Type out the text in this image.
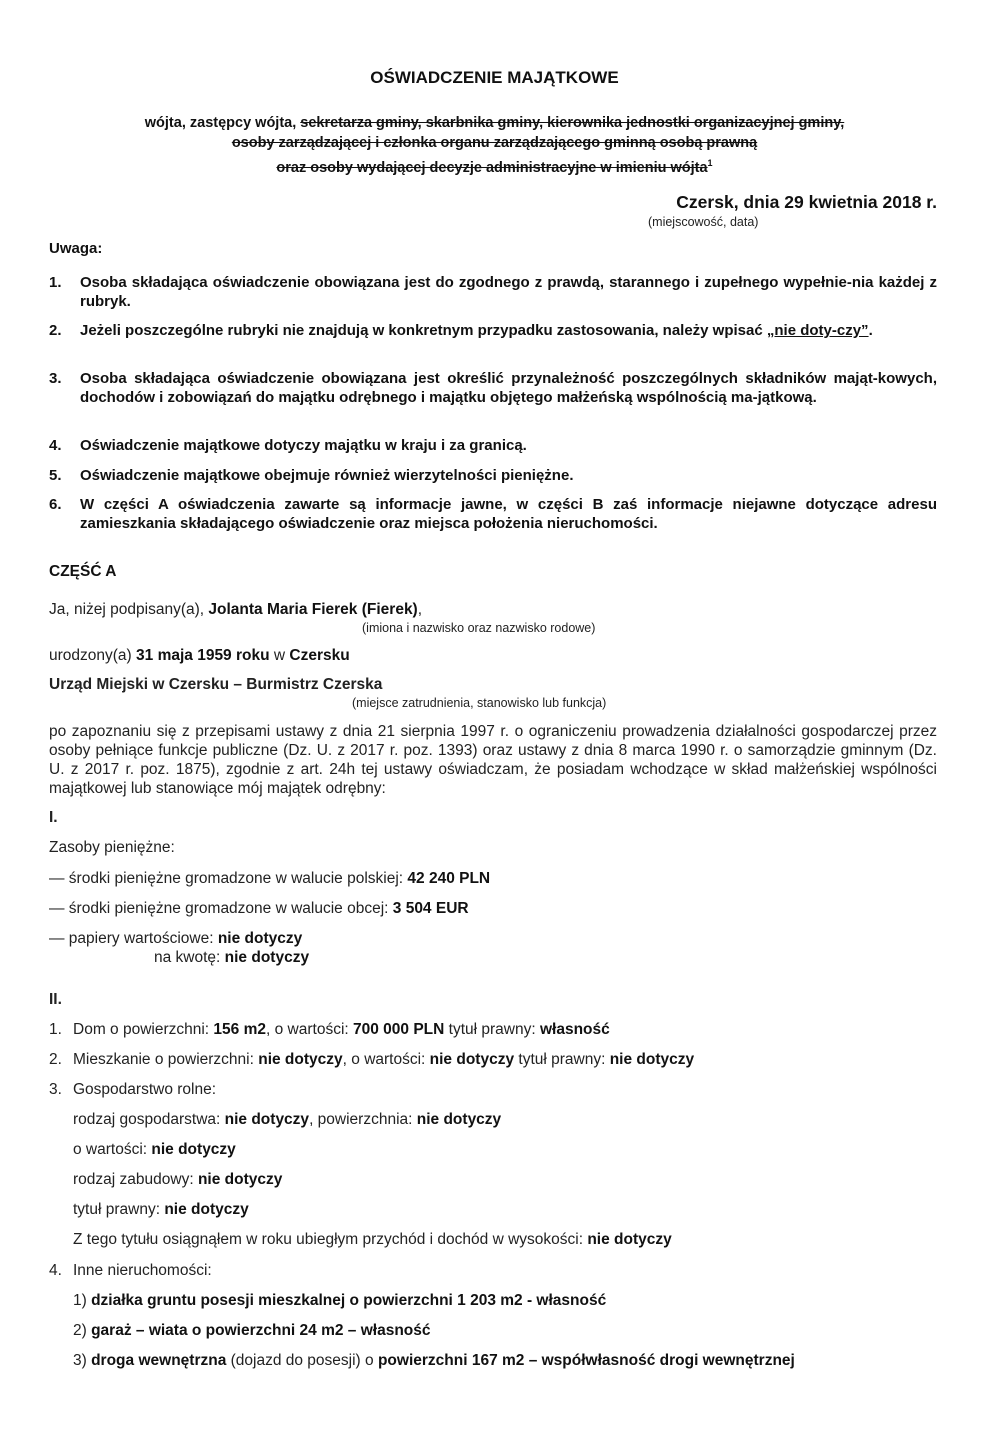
OŚWIADCZENIE MAJĄTKOWE
wójta, zastępcy wójta, sekretarza gminy, skarbnika gminy, kierownika jednostki organizacyjnej gminy,
osoby zarządzającej i członka organu zarządzającego gminną osobą prawną
oraz osoby wydającej decyzje administracyjne w imieniu wójta$^1$
Czersk, dnia 29 kwietnia 2018 r.
(miejscowość, data)
Uwaga:
1. Osoba składająca oświadczenie obowiązana jest do zgodnego z prawdą, starannego i zupełnego wypełnie-nia każdej z rubryk.
2. Jeżeli poszczególne rubryki nie znajdują w konkretnym przypadku zastosowania, należy wpisać „nie doty-czy”.
3. Osoba składająca oświadczenie obowiązana jest określić przynależność poszczególnych składników mająt-kowych, dochodów i zobowiązań do majątku odrębnego i majątku objętego małżeńską wspólnością ma-jątkową.
4. Oświadczenie majątkowe dotyczy majątku w kraju i za granicą.
5. Oświadczenie majątkowe obejmuje również wierzytelności pieniężne.
6. W części A oświadczenia zawarte są informacje jawne, w części B zaś informacje niejawne dotyczące adresu zamieszkania składającego oświadczenie oraz miejsca położenia nieruchomości.
CZĘŚĆ A
Ja, niżej podpisany(a), Jolanta Maria Fierek (Fierek),
(imiona i nazwisko oraz nazwisko rodowe)
urodzony(a) 31 maja 1959 roku w Czersku
Urząd Miejski w Czersku – Burmistrz Czerska
(miejsce zatrudnienia, stanowisko lub funkcja)
po zapoznaniu się z przepisami ustawy z dnia 21 sierpnia 1997 r. o ograniczeniu prowadzenia działalności gospodarczej przez osoby pełniące funkcje publiczne (Dz. U. z 2017 r. poz. 1393) oraz ustawy z dnia 8 marca 1990 r. o samorządzie gminnym (Dz. U. z 2017 r. poz. 1875), zgodnie z art. 24h tej ustawy oświadczam, że posiadam wchodzące w skład małżeńskiej wspólności majątkowej lub stanowiące mój majątek odrębny:
I.
Zasoby pieniężne:
— środki pieniężne gromadzone w walucie polskiej: 42 240 PLN
— środki pieniężne gromadzone w walucie obcej: 3 504 EUR
— papiery wartościowe: nie dotyczy
na kwotę: nie dotyczy
II.
1. Dom o powierzchni: 156 m2, o wartości: 700 000 PLN tytuł prawny: własność
2. Mieszkanie o powierzchni: nie dotyczy, o wartości: nie dotyczy tytuł prawny: nie dotyczy
3. Gospodarstwo rolne:
rodzaj gospodarstwa: nie dotyczy, powierzchnia: nie dotyczy
o wartości: nie dotyczy
rodzaj zabudowy: nie dotyczy
tytuł prawny: nie dotyczy
Z tego tytułu osiągnąłem w roku ubiegłym przychód i dochód w wysokości: nie dotyczy
4. Inne nieruchomości:
1) działka gruntu posesji mieszkalnej o powierzchni 1 203 m2 - własność
2) garaż – wiata o powierzchni 24 m2 – własność
3) droga wewnętrzna (dojazd do posesji) o powierzchni 167 m2 – współwłasność drogi wewnętrznej
